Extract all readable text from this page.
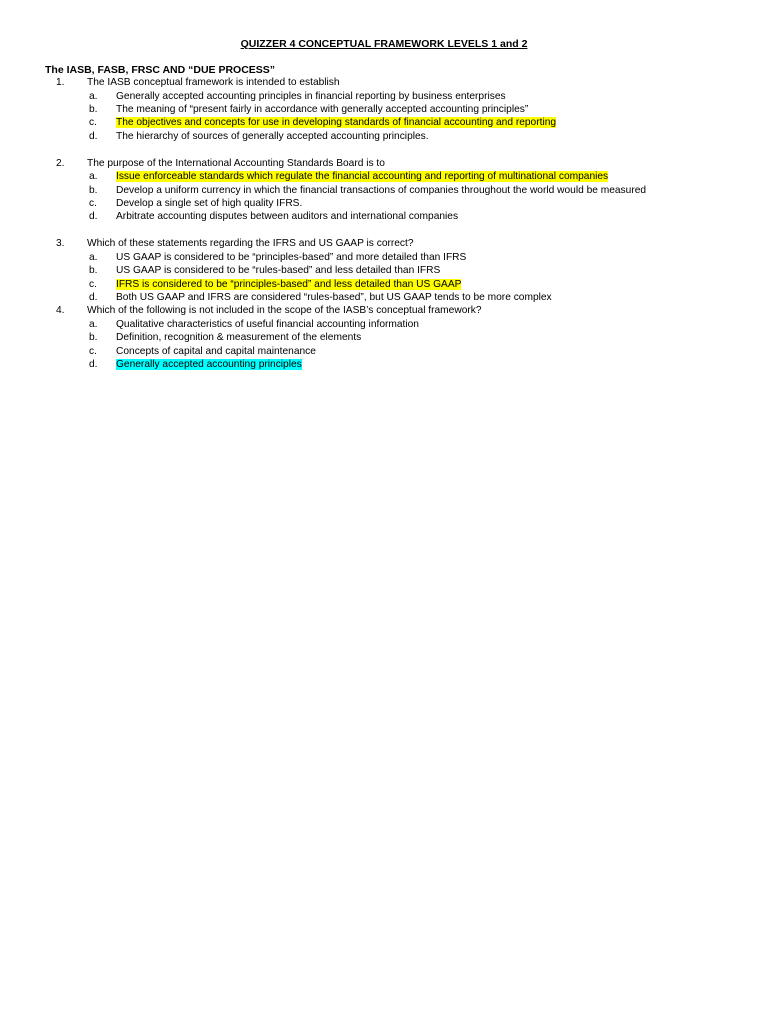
QUIZZER 4 CONCEPTUAL FRAMEWORK LEVELS 1 and 2
The IASB, FASB, FRSC AND “DUE PROCESS”
1. The IASB conceptual framework is intended to establish
a. Generally accepted accounting principles in financial reporting by business enterprises
b. The meaning of “present fairly in accordance with generally accepted accounting principles”
c. The objectives and concepts for use in developing standards of financial accounting and reporting
d. The hierarchy of sources of generally accepted accounting principles.
2. The purpose of the International Accounting Standards Board is to
a. Issue enforceable standards which regulate the financial accounting and reporting of multinational companies
b. Develop a uniform currency in which the financial transactions of companies throughout the world would be measured
c. Develop a single set of high quality IFRS.
d. Arbitrate accounting disputes between auditors and international companies
3. Which of these statements regarding the IFRS and US GAAP is correct?
a. US GAAP is considered to be “principles-based” and more detailed than IFRS
b. US GAAP is considered to be “rules-based” and less detailed than IFRS
c. IFRS is considered to be “principles-based” and less detailed than US GAAP
d. Both US GAAP and IFRS are considered “rules-based”, but US GAAP tends to be more complex
4. Which of the following is not included in the scope of the IASB’s conceptual framework?
a. Qualitative characteristics of useful financial accounting information
b. Definition, recognition & measurement of the elements
c. Concepts of capital and capital maintenance
d. Generally accepted accounting principles
